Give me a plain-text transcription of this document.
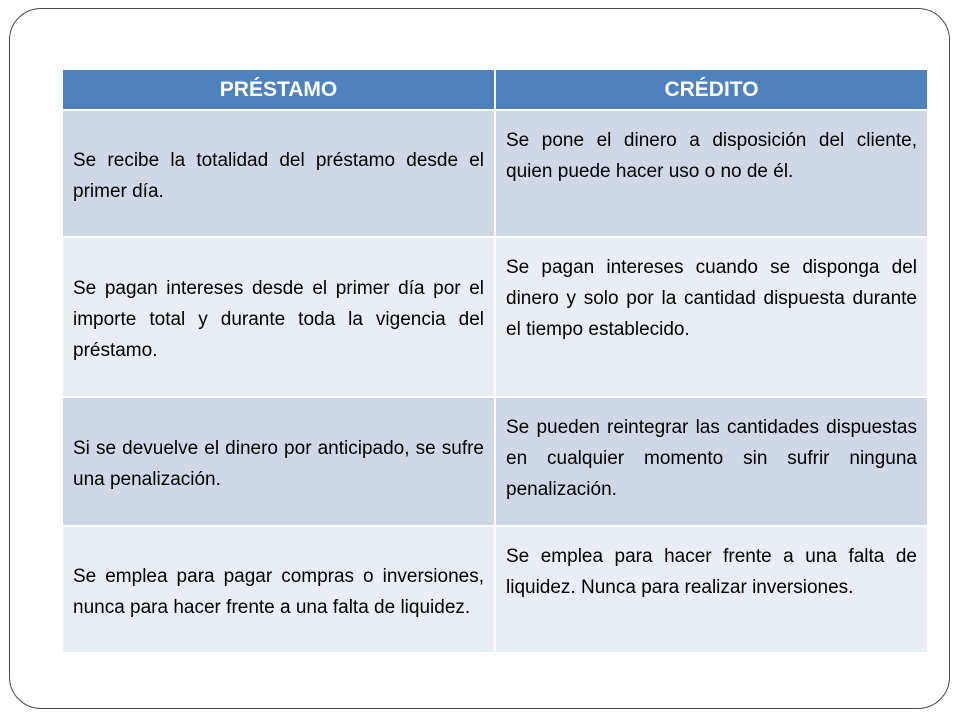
PRÉSTAMO	CRÉDITO
Se recibe la totalidad del préstamo desde el primer día.	Se pone el dinero a disposición del cliente, quien puede hacer uso o no de él.
Se pagan intereses desde el primer día por el importe total y durante toda la vigencia del préstamo.	Se pagan intereses cuando se disponga del dinero y solo por la cantidad dispuesta durante el tiempo establecido.
Si se devuelve el dinero por anticipado, se sufre una penalización.	Se pueden reintegrar las cantidades dispuestas en cualquier momento sin sufrir ninguna penalización.
Se emplea para pagar compras o inversiones, nunca para hacer frente a una falta de liquidez.	Se emplea para hacer frente a una falta de liquidez. Nunca para realizar inversiones.
